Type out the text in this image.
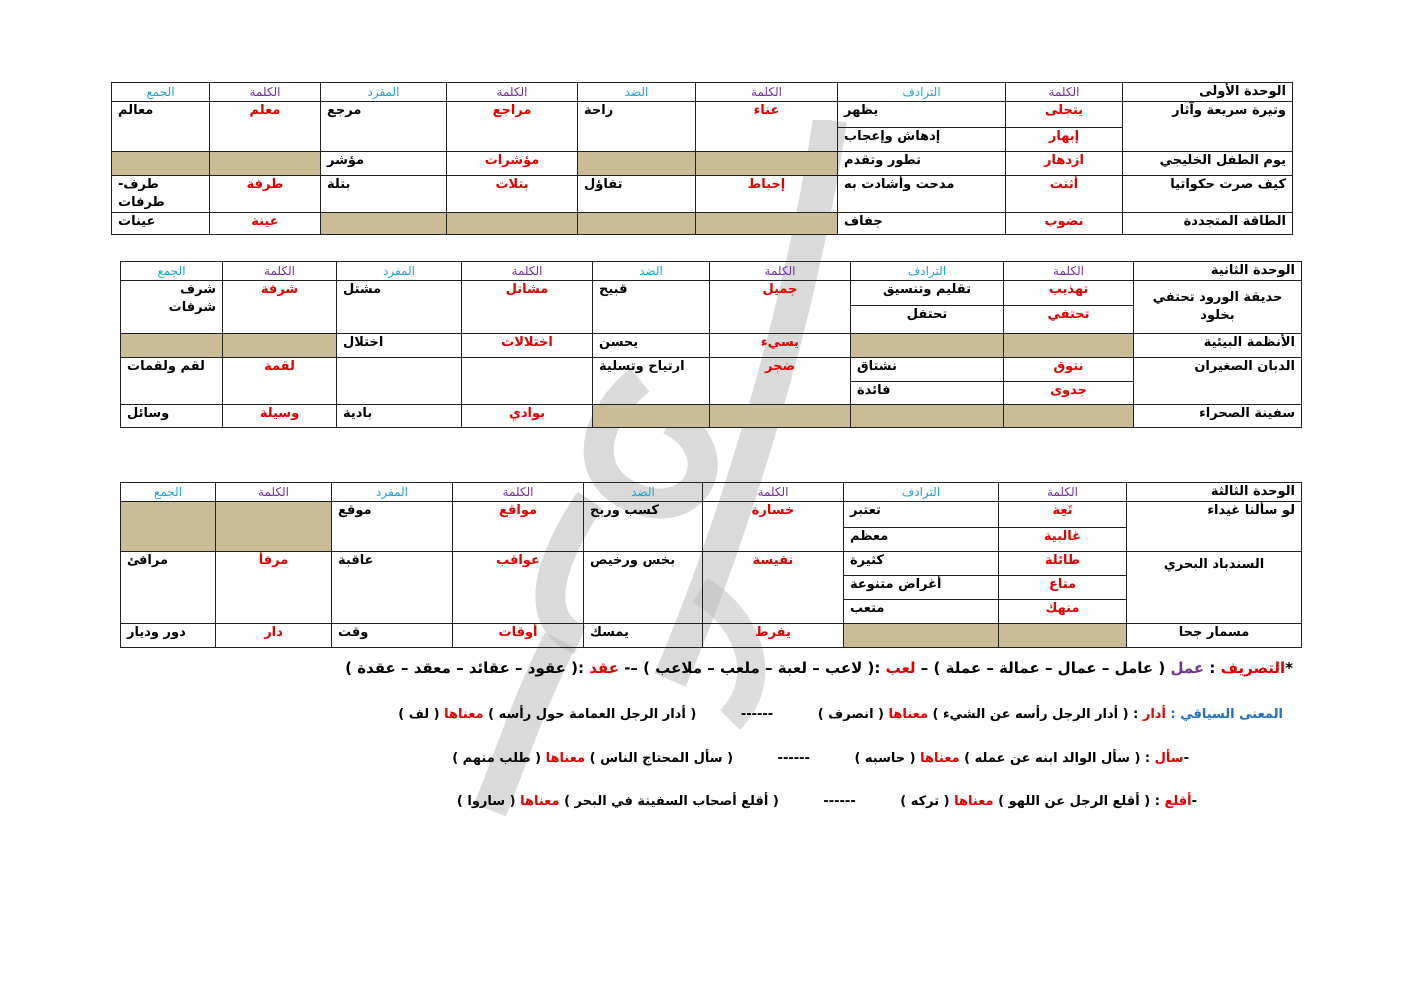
الوحدة الأولى	الكلمة	الترادف	الكلمة	الضد	الكلمة	المفرد	الكلمة	الجمع
وتيرة سريعة وآثار	يتجلى	يظهر	عناء	راحة	مراجع	مرجع	معلم	معالم
	إبهار	إدهاش وإعجاب						
يوم الطفل الخليجي	ازدهار	تطور وتقدم			مؤشرات	مؤشر		
كيف صرت حكواتيا	أثنت	مدحت وأشادت به	إحباط	تفاؤل	بتلات	بتلة	طرفة	طرف- طرفات
الطاقة المتجددة	نضوب	جفاف					عينة	عينات
الوحدة الثانية	الكلمة	الترادف	الكلمة	الضد	الكلمة	المفرد	الكلمة	الجمع
حديقة الورود تحتفي بخلود	تهذيب	تقليم وتنسيق	جميل	قبيح	مشاتل	مشتل	شرفة	شرف شرفات
	تحتفي	تحتفل						
الأنظمة البيئية			يسيء	يحسن	اختلالات	اختلال		
الدبان الصغيران	نتوق	نشتاق	ضجر	ارتياح وتسلية			لقمة	لقم ولقمات
	جدوى	فائدة						
سفينة الصحراء					بوادي	بادية	وسيلة	وسائل
الوحدة الثالثة	الكلمة	الترادف	الكلمة	الضد	الكلمة	المفرد	الكلمة	الجمع
لو سألنا غيداء	تَعِة	تعتبر	خسارة	كسب وربح	مواقع	موقع		
	غالبية	معظم						
السندباد البحري	طائلة	كثيرة	نفيسة	بخس ورخيص	عواقب	عاقبة	مرفأ	مرافئ
	متاع	أغراض متنوعة						
	منهك	متعب						
مسمار جحا			يفرط	يمسك	أوقات	وقت	دار	دور وديار
*التصريف : عمل ( عامل – عمال – عمالة – عملة ) – لعب :( لاعب – لعبة – ملعب – ملاعب ) –- عقد :( عقود – عقائد – معقد – عقدة )
المعنى السياقي : أدار : ( أدار الرجل رأسه عن الشيء ) معناها ( انصرف ) ------ ( أدار الرجل العمامة حول رأسه ) معناها ( لف )
-سأل : ( سأل الوالد ابنه عن عمله ) معناها ( حاسبه ) ------ ( سأل المحتاج الناس ) معناها ( طلب منهم )
-أقلع : ( أقلع الرجل عن اللهو ) معناها ( تركه ) ------ ( أقلع أصحاب السفينة في البحر ) معناها ( ساروا )
